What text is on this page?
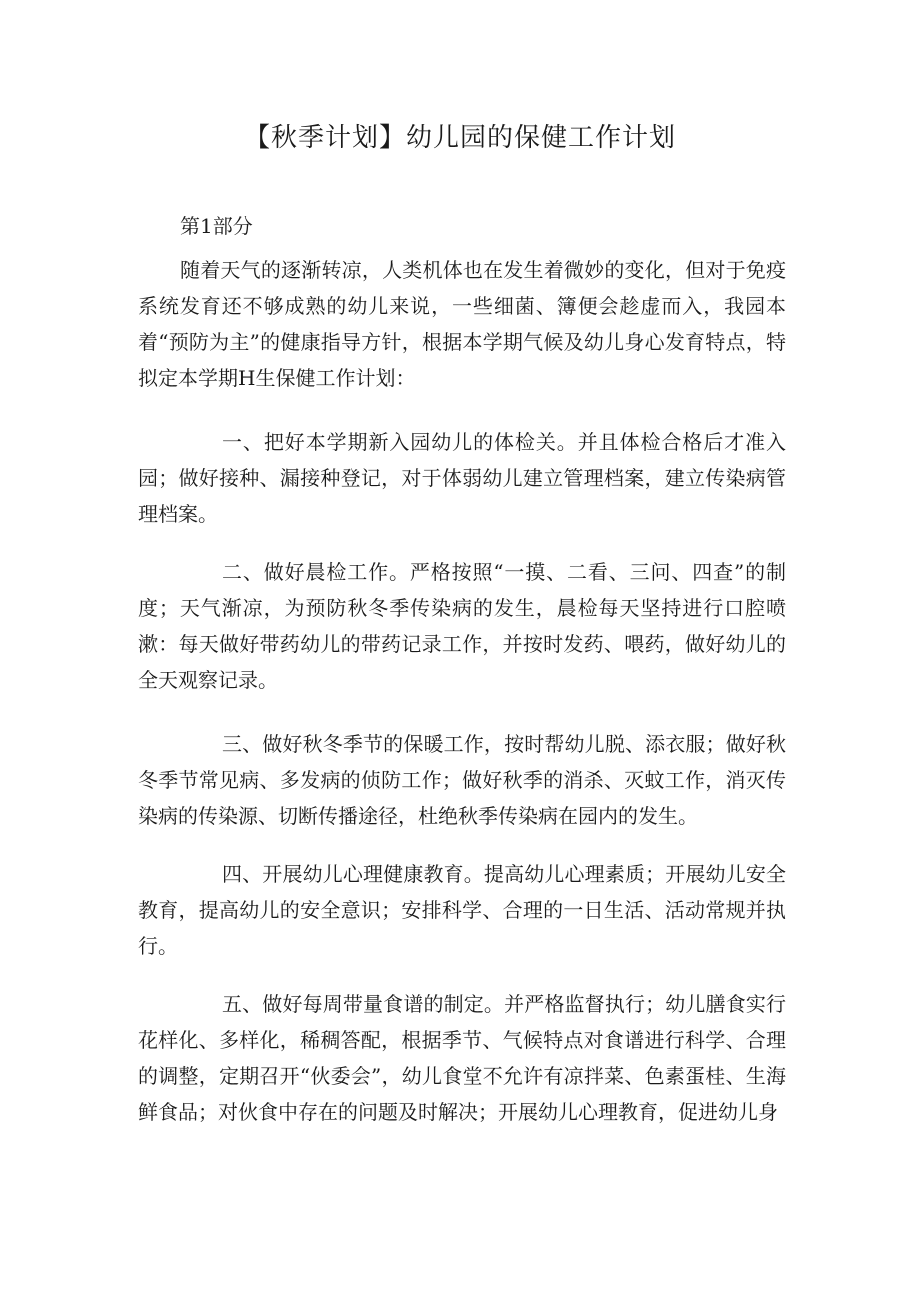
【秋季计划】幼儿园的保健工作计划

第1部分

随着天气的逐渐转凉，人类机体也在发生着微妙的变化，但对于免疫系统发育还不够成熟的幼儿来说，一些细菌、簿便会趁虚而入，我园本着“预防为主”的健康指导方针，根据本学期气候及幼儿身心发育特点，特拟定本学期H生保健工作计划：

一、把好本学期新入园幼儿的体检关。并且体检合格后才准入园；做好接种、漏接种登记，对于体弱幼儿建立管理档案，建立传染病管理档案。

二、做好晨检工作。严格按照“一摸、二看、三问、四查”的制度；天气渐凉，为预防秋冬季传染病的发生，晨检每天坚持进行口腔喷漱：每天做好带药幼儿的带药记录工作，并按时发药、喂药，做好幼儿的全天观察记录。

三、做好秋冬季节的保暖工作，按时帮幼儿脱、添衣服；做好秋冬季节常见病、多发病的侦防工作；做好秋季的消杀、灭蚊工作，消灭传染病的传染源、切断传播途径，杜绝秋季传染病在园内的发生。

四、开展幼儿心理健康教育。提高幼儿心理素质；开展幼儿安全教育，提高幼儿的安全意识；安排科学、合理的一日生活、活动常规并执行。

五、做好每周带量食谱的制定。并严格监督执行；幼儿膳食实行花样化、多样化，稀稠答配，根据季节、气候特点对食谱进行科学、合理的调整，定期召开“伙委会”，幼儿食堂不允许有凉拌菜、色素蛋桂、生海鲜食品；对伙食中存在的问题及时解决；开展幼儿心理教育，促进幼儿身
